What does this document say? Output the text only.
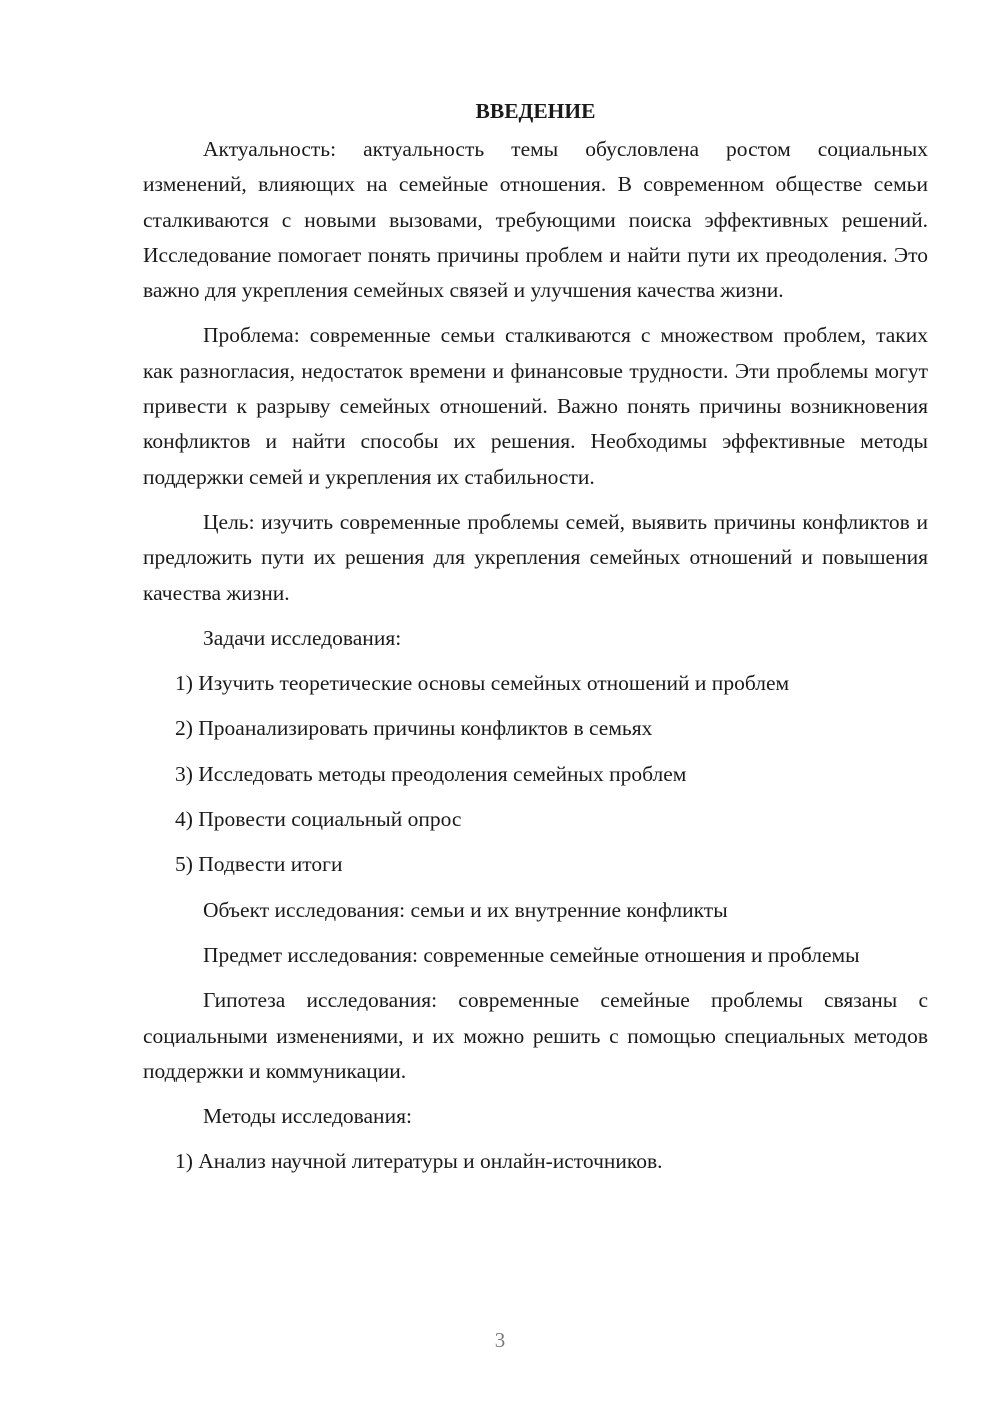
ВВЕДЕНИЕ

Актуальность: актуальность темы обусловлена ростом социальных изменений, влияющих на семейные отношения. В современном обществе семьи сталкиваются с новыми вызовами, требующими поиска эффективных решений. Исследование помогает понять причины проблем и найти пути их преодоления. Это важно для укрепления семейных связей и улучшения качества жизни.

Проблема: современные семьи сталкиваются с множеством проблем, таких как разногласия, недостаток времени и финансовые трудности. Эти проблемы могут привести к разрыву семейных отношений. Важно понять причины возникновения конфликтов и найти способы их решения. Необходимы эффективные методы поддержки семей и укрепления их стабильности.

Цель: изучить современные проблемы семей, выявить причины конфликтов и предложить пути их решения для укрепления семейных отношений и повышения качества жизни.

Задачи исследования:

1) Изучить теоретические основы семейных отношений и проблем
2) Проанализировать причины конфликтов в семьях
3) Исследовать методы преодоления семейных проблем
4) Провести социальный опрос
5) Подвести итоги

Объект исследования: семьи и их внутренние конфликты

Предмет исследования: современные семейные отношения и проблемы

Гипотеза исследования: современные семейные проблемы связаны с социальными изменениями, и их можно решить с помощью специальных методов поддержки и коммуникации.

Методы исследования:

1) Анализ научной литературы и онлайн-источников.
3
